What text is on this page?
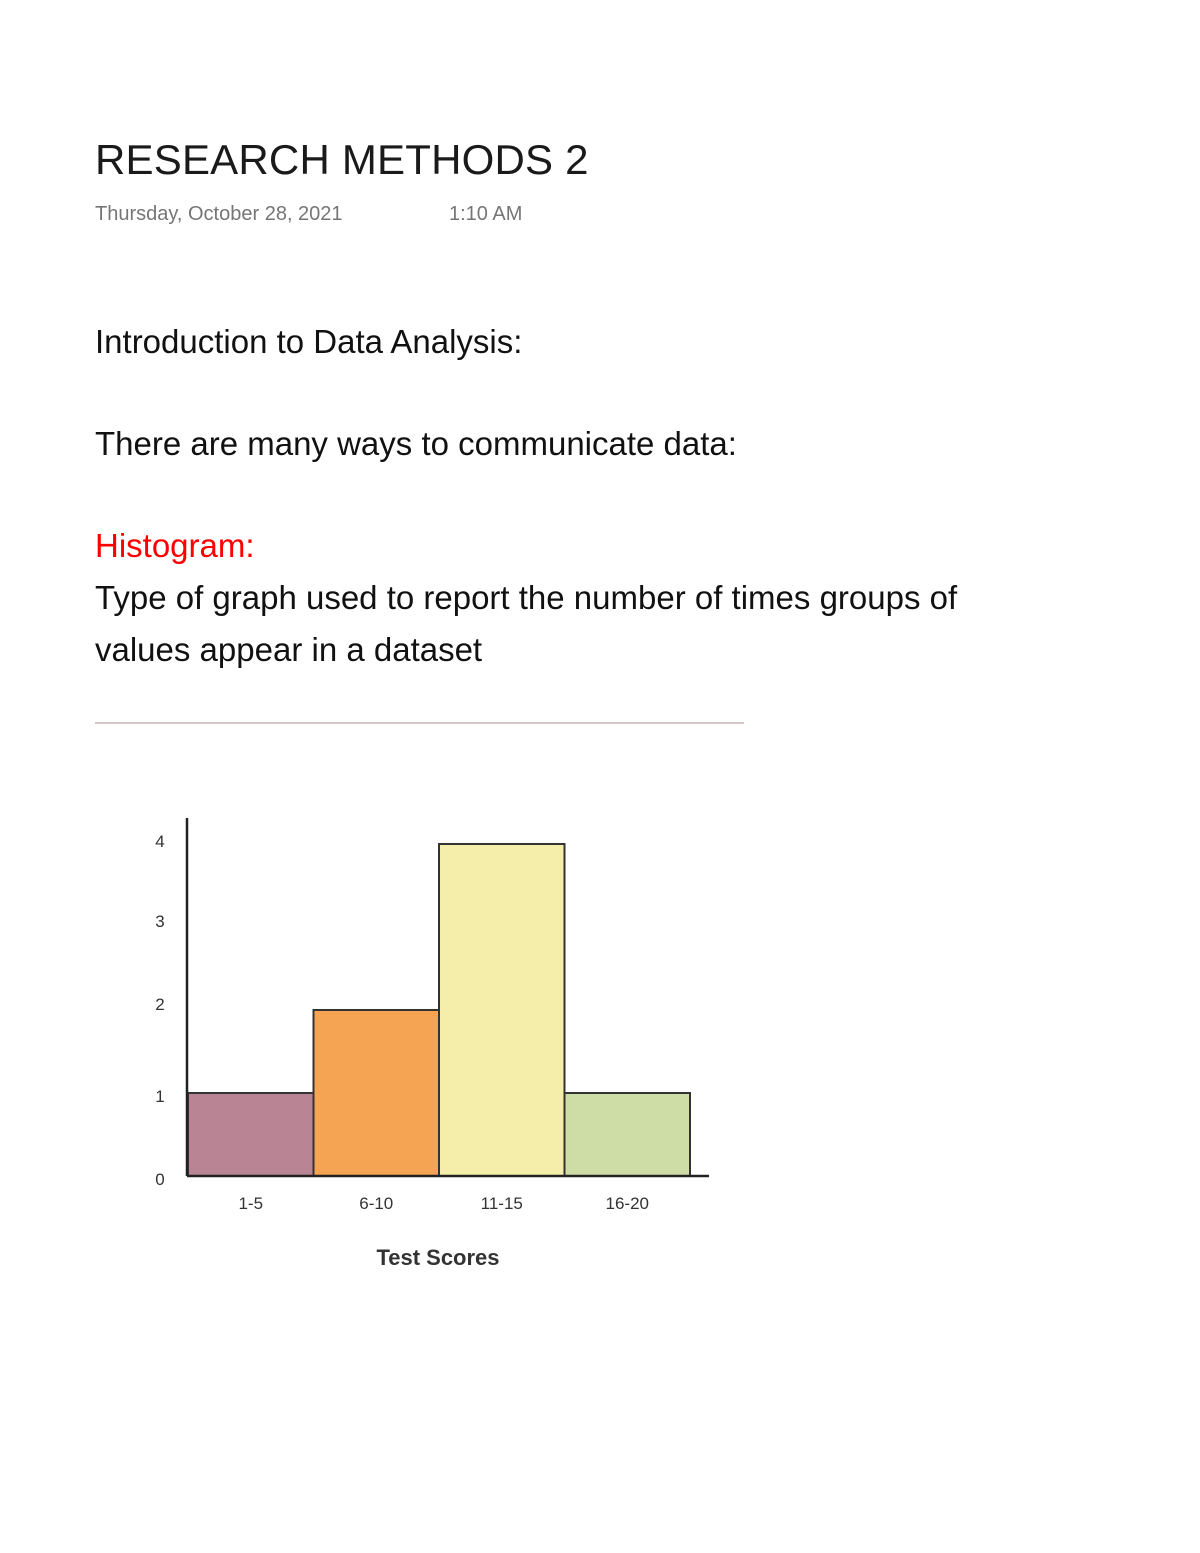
RESEARCH METHODS 2
Thursday, October 28, 2021	1:10 AM
Introduction to Data Analysis:
There are many ways to communicate data:
Histogram:
Type of graph used to report the number of times groups of
values appear in a dataset
0
1
2
3
4
1-5	6-10	11-15	16-20
Test Scores
